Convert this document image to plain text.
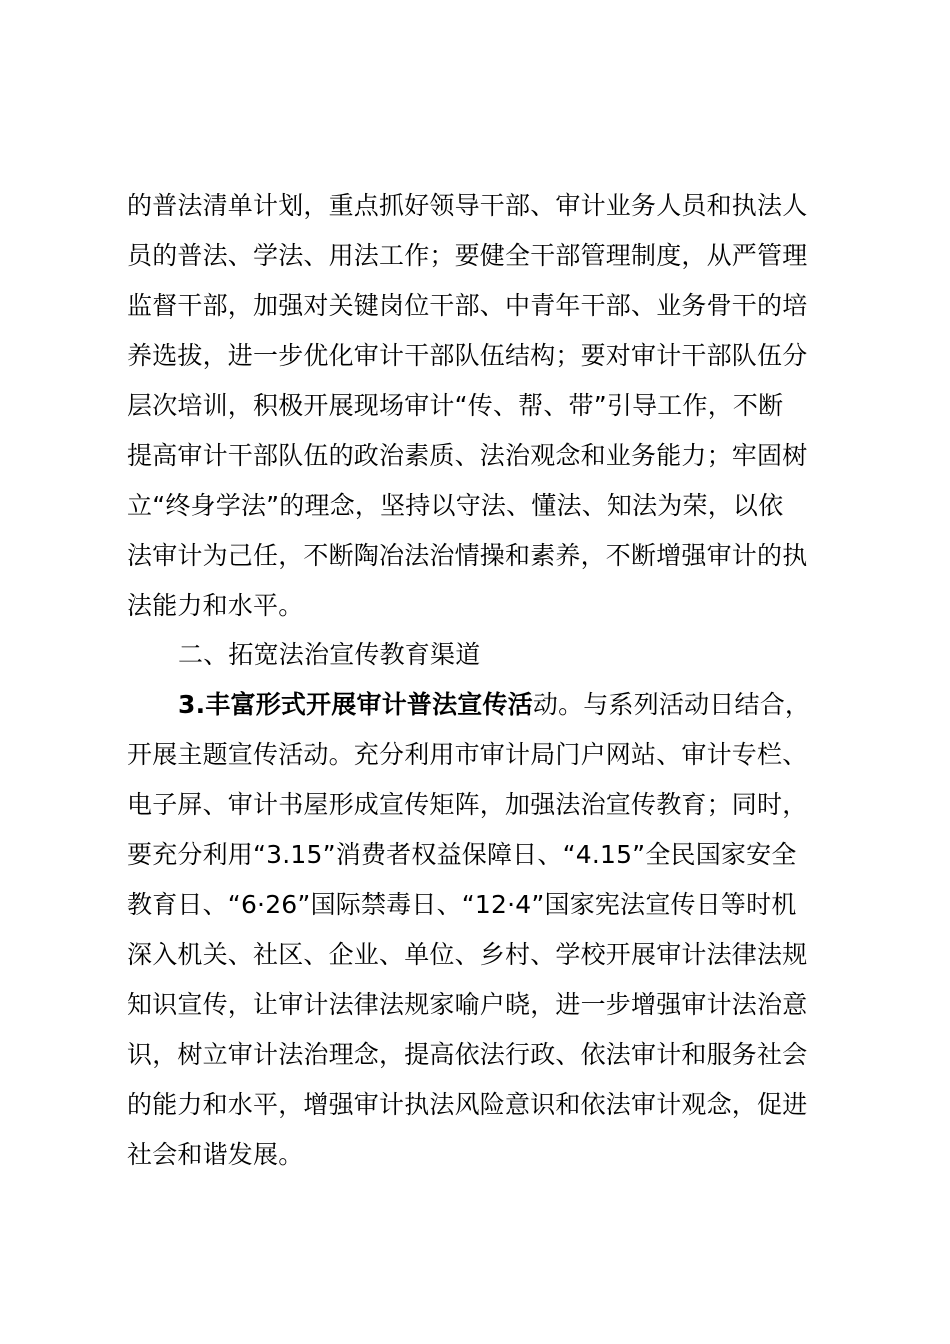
的普法清单计划，重点抓好领导干部、审计业务人员和执法人
员的普法、学法、用法工作；要健全干部管理制度，从严管理
监督干部，加强对关键岗位干部、中青年干部、业务骨干的培
养选拔，进一步优化审计干部队伍结构；要对审计干部队伍分
层次培训，积极开展现场审计“传、帮、带”引导工作，不断
提高审计干部队伍的政治素质、法治观念和业务能力；牢固树
立“终身学法”的理念，坚持以守法、懂法、知法为荣，以依
法审计为己任，不断陶冶法治情操和素养，不断增强审计的执
法能力和水平。
二、拓宽法治宣传教育渠道
3.丰富形式开展审计普法宣传活动。与系列活动日结合，
开展主题宣传活动。充分利用市审计局门户网站、审计专栏、
电子屏、审计书屋形成宣传矩阵，加强法治宣传教育；同时，
要充分利用“3.15”消费者权益保障日、“4.15”全民国家安全
教育日、“6·26”国际禁毒日、“12·4”国家宪法宣传日等时机
深入机关、社区、企业、单位、乡村、学校开展审计法律法规
知识宣传，让审计法律法规家喻户晓，进一步增强审计法治意
识，树立审计法治理念，提高依法行政、依法审计和服务社会
的能力和水平，增强审计执法风险意识和依法审计观念，促进
社会和谐发展。
